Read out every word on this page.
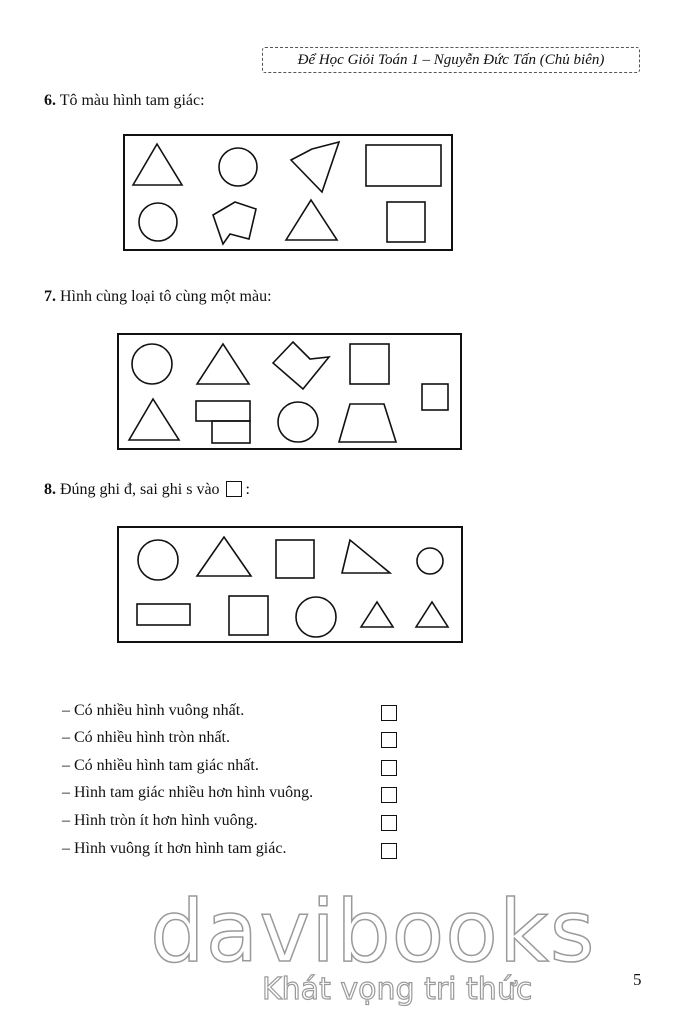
Để Học Giỏi Toán 1 – Nguyễn Đức Tấn (Chủ biên)
6. Tô màu hình tam giác:
7. Hình cùng loại tô cùng một màu:
8. Đúng ghi đ, sai ghi s vào  :
– Có nhiều hình vuông nhất.
– Có nhiều hình tròn nhất.
– Có nhiều hình tam giác nhất.
– Hình tam giác nhiều hơn hình vuông.
– Hình tròn ít hơn hình vuông.
– Hình vuông ít hơn hình tam giác.
davibooks
Khát vọng tri thức	5
